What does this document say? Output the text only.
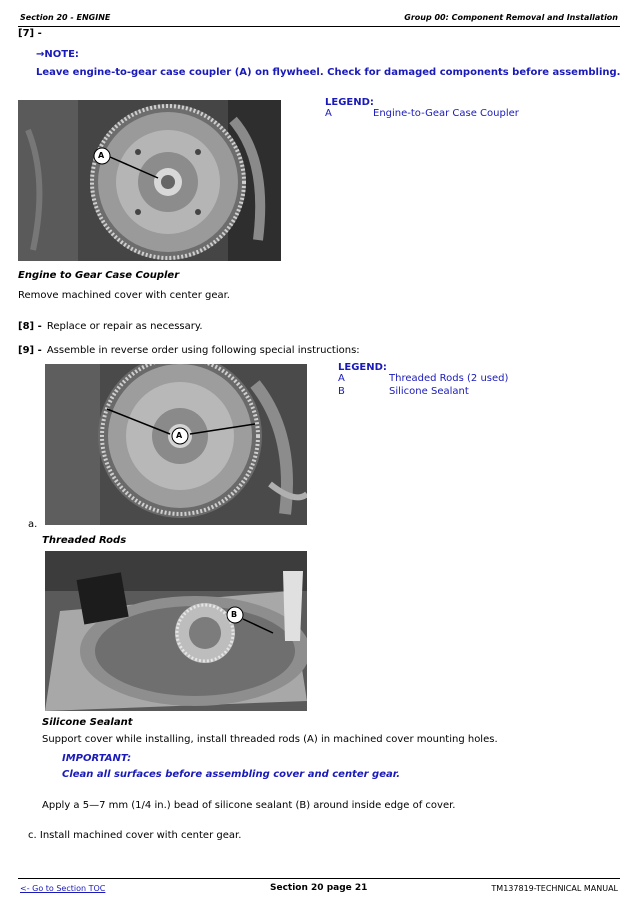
Section 20 - ENGINE	Group 00: Component Removal and Installation
[7] -
→NOTE:
Leave engine-to-gear case coupler (A) on flywheel. Check for damaged components before assembling.
A
LEGEND:
A	Engine-to-Gear Case Coupler
Engine to Gear Case Coupler
Remove machined cover with center gear.
[8] - Replace or repair as necessary.
[9] - Assemble in reverse order using following special instructions:
A
LEGEND:
A	Threaded Rods (2 used)
B	Silicone Sealant
a.
Threaded Rods
B
Silicone Sealant
Support cover while installing, install threaded rods (A) in machined cover mounting holes.
IMPORTANT:
Clean all surfaces before assembling cover and center gear.
Apply a 5—7 mm (1/4 in.) bead of silicone sealant (B) around inside edge of cover.
c. Install machined cover with center gear.
<- Go to Section TOC	Section 20 page 21	TM137819-TECHNICAL MANUAL
